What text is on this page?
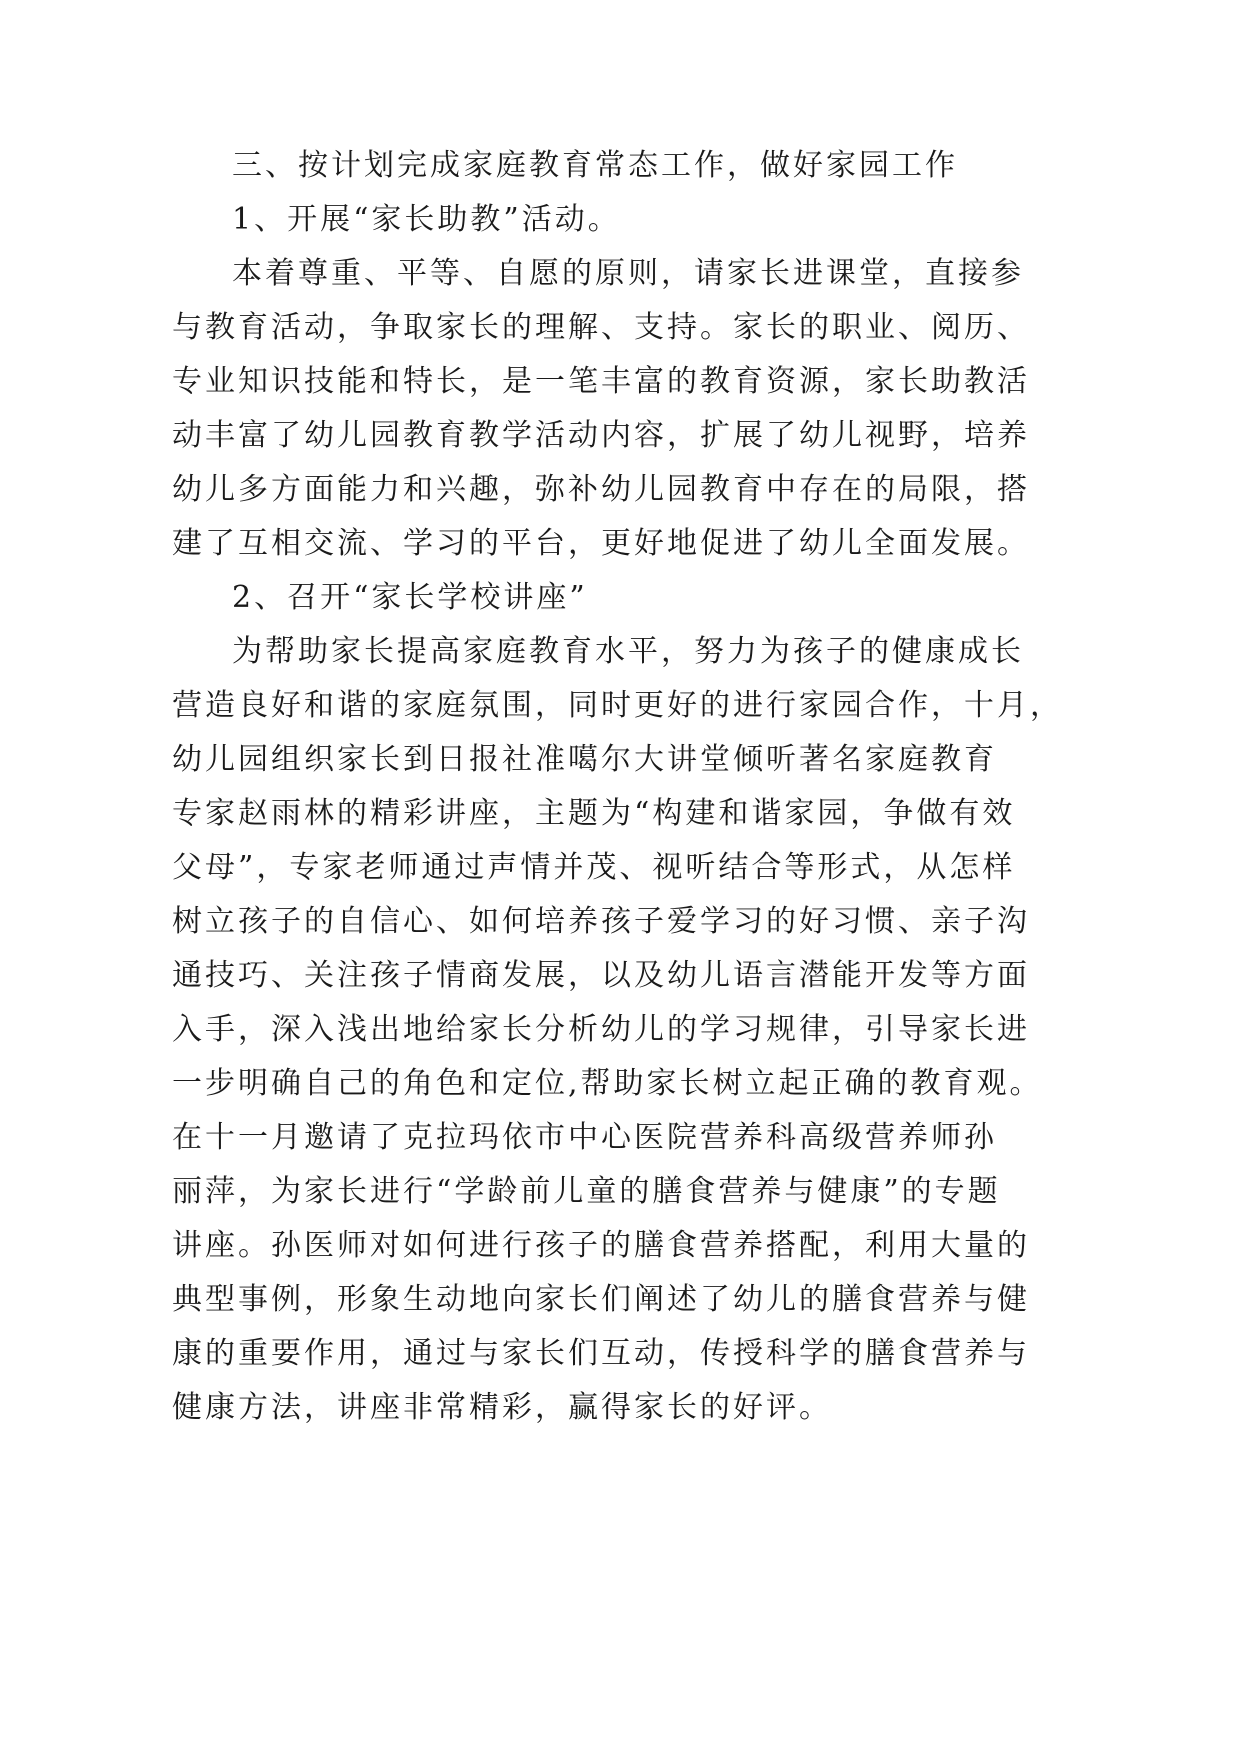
三、按计划完成家庭教育常态工作，做好家园工作
1、开展“家长助教”活动。
本着尊重、平等、自愿的原则，请家长进课堂，直接参
与教育活动，争取家长的理解、支持。家长的职业、阅历、
专业知识技能和特长，是一笔丰富的教育资源，家长助教活
动丰富了幼儿园教育教学活动内容，扩展了幼儿视野，培养
幼儿多方面能力和兴趣，弥补幼儿园教育中存在的局限，搭
建了互相交流、学习的平台，更好地促进了幼儿全面发展。
2、召开“家长学校讲座”
为帮助家长提高家庭教育水平，努力为孩子的健康成长
营造良好和谐的家庭氛围，同时更好的进行家园合作，十月，
幼儿园组织家长到日报社准噶尔大讲堂倾听著名家庭教育
专家赵雨林的精彩讲座，主题为“构建和谐家园，争做有效
父母”，专家老师通过声情并茂、视听结合等形式，从怎样
树立孩子的自信心、如何培养孩子爱学习的好习惯、亲子沟
通技巧、关注孩子情商发展，以及幼儿语言潜能开发等方面
入手，深入浅出地给家长分析幼儿的学习规律，引导家长进
一步明确自己的角色和定位,帮助家长树立起正确的教育观。
在十一月邀请了克拉玛依市中心医院营养科高级营养师孙
丽萍，为家长进行“学龄前儿童的膳食营养与健康”的专题
讲座。孙医师对如何进行孩子的膳食营养搭配，利用大量的
典型事例，形象生动地向家长们阐述了幼儿的膳食营养与健
康的重要作用，通过与家长们互动，传授科学的膳食营养与
健康方法，讲座非常精彩，赢得家长的好评。
